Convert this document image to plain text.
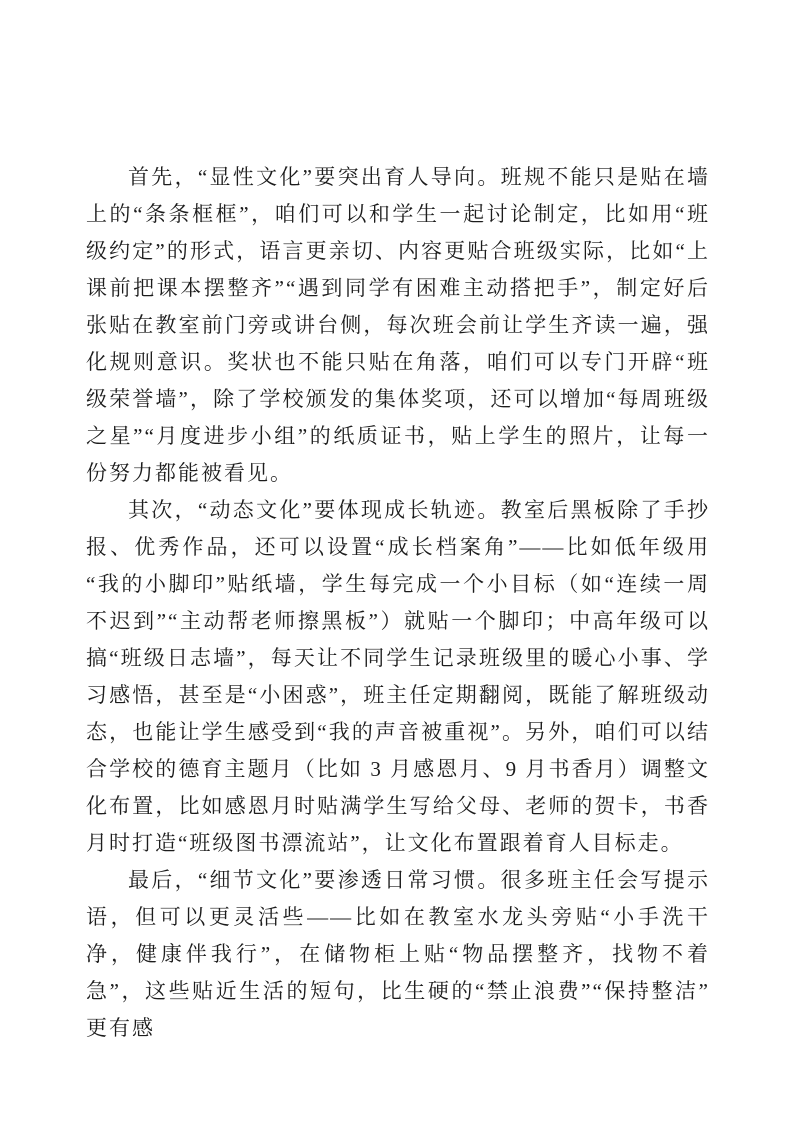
首先，“显性文化”要突出育人导向。班规不能只是贴在墙上的“条条框框”，咱们可以和学生一起讨论制定，比如用“班级约定”的形式，语言更亲切、内容更贴合班级实际，比如“上课前把课本摆整齐”“遇到同学有困难主动搭把手”，制定好后张贴在教室前门旁或讲台侧，每次班会前让学生齐读一遍，强化规则意识。奖状也不能只贴在角落，咱们可以专门开辟“班级荣誉墙”，除了学校颁发的集体奖项，还可以增加“每周班级之星”“月度进步小组”的纸质证书，贴上学生的照片，让每一份努力都能被看见。

其次，“动态文化”要体现成长轨迹。教室后黑板除了手抄报、优秀作品，还可以设置“成长档案角”——比如低年级用“我的小脚印”贴纸墙，学生每完成一个小目标（如“连续一周不迟到”“主动帮老师擦黑板”）就贴一个脚印；中高年级可以搞“班级日志墙”，每天让不同学生记录班级里的暖心小事、学习感悟，甚至是“小困惑”，班主任定期翻阅，既能了解班级动态，也能让学生感受到“我的声音被重视”。另外，咱们可以结合学校的德育主题月（比如 3 月感恩月、9 月书香月）调整文化布置，比如感恩月时贴满学生写给父母、老师的贺卡，书香月时打造“班级图书漂流站”，让文化布置跟着育人目标走。

最后，“细节文化”要渗透日常习惯。很多班主任会写提示语，但可以更灵活些——比如在教室水龙头旁贴“小手洗干净，健康伴我行”，在储物柜上贴“物品摆整齐，找物不着急”，这些贴近生活的短句，比生硬的“禁止浪费”“保持整洁”更有感
